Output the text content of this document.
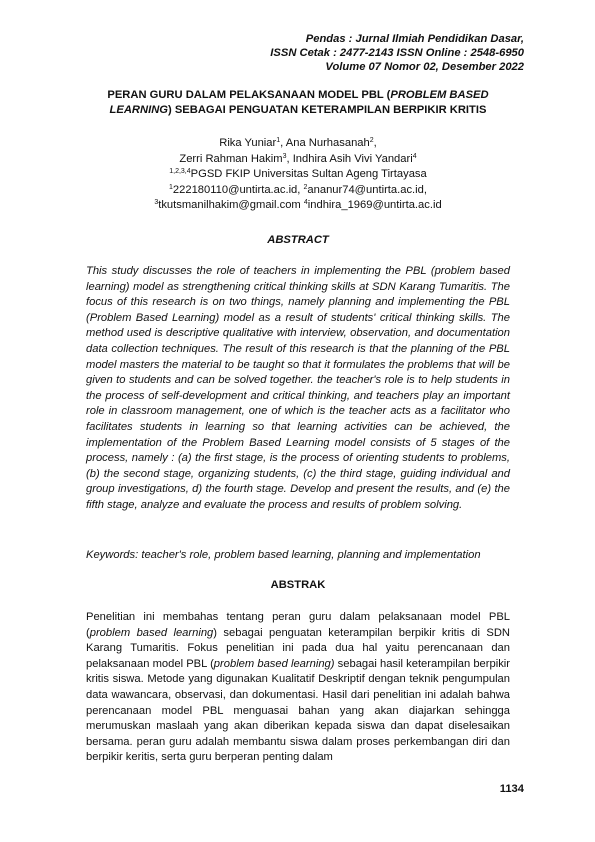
Pendas : Jurnal Ilmiah Pendidikan Dasar,
ISSN Cetak : 2477-2143 ISSN Online : 2548-6950
Volume 07 Nomor 02, Desember 2022
PERAN GURU DALAM PELAKSANAAN MODEL PBL (PROBLEM BASED LEARNING) SEBAGAI PENGUATAN KETERAMPILAN BERPIKIR KRITIS
Rika Yuniar$^1$, Ana Nurhasanah$^2$,
Zerri Rahman Hakim$^3$, Indhira Asih Vivi Yandari$^4$
$^{1,2,3,4}$PGSD FKIP Universitas Sultan Ageng Tirtayasa
$^1$222180110@untirta.ac.id, $^2$ananur74@untirta.ac.id,
$^3$tkutsmanilhakim@gmail.com $^4$indhira_1969@untirta.ac.id
ABSTRACT

This study discusses the role of teachers in implementing the PBL (problem based learning) model as strengthening critical thinking skills at SDN Karang Tumaritis. The focus of this research is on two things, namely planning and implementing the PBL (Problem Based Learning) model as a result of students' critical thinking skills. The method used is descriptive qualitative with interview, observation, and documentation data collection techniques. The result of this research is that the planning of the PBL model masters the material to be taught so that it formulates the problems that will be given to students and can be solved together. the teacher's role is to help students in the process of self-development and critical thinking, and teachers play an important role in classroom management, one of which is the teacher acts as a facilitator who facilitates students in learning so that learning activities can be achieved, the implementation of the Problem Based Learning model consists of 5 stages of the process, namely : (a) the first stage, is the process of orienting students to problems, (b) the second stage, organizing students, (c) the third stage, guiding individual and group investigations, d) the fourth stage. Develop and present the results, and (e) the fifth stage, analyze and evaluate the process and results of problem solving.

Keywords: teacher's role, problem based learning, planning and implementation

ABSTRAK

Penelitian ini membahas tentang peran guru dalam pelaksanaan model PBL (problem based learning) sebagai penguatan keterampilan berpikir kritis di SDN Karang Tumaritis. Fokus penelitian ini pada dua hal yaitu perencanaan dan pelaksanaan model PBL (problem based learning) sebagai hasil keterampilan berpikir kritis siswa. Metode yang digunakan Kualitatif Deskriptif dengan teknik pengumpulan data wawancara, observasi, dan dokumentasi. Hasil dari penelitian ini adalah bahwa perencanaan model PBL menguasai bahan yang akan diajarkan sehingga merumuskan maslaah yang akan diberikan kepada siswa dan dapat diselesaikan bersama. peran guru adalah membantu siswa dalam proses perkembangan diri dan berpikir keritis, serta guru berperan penting dalam

1134
